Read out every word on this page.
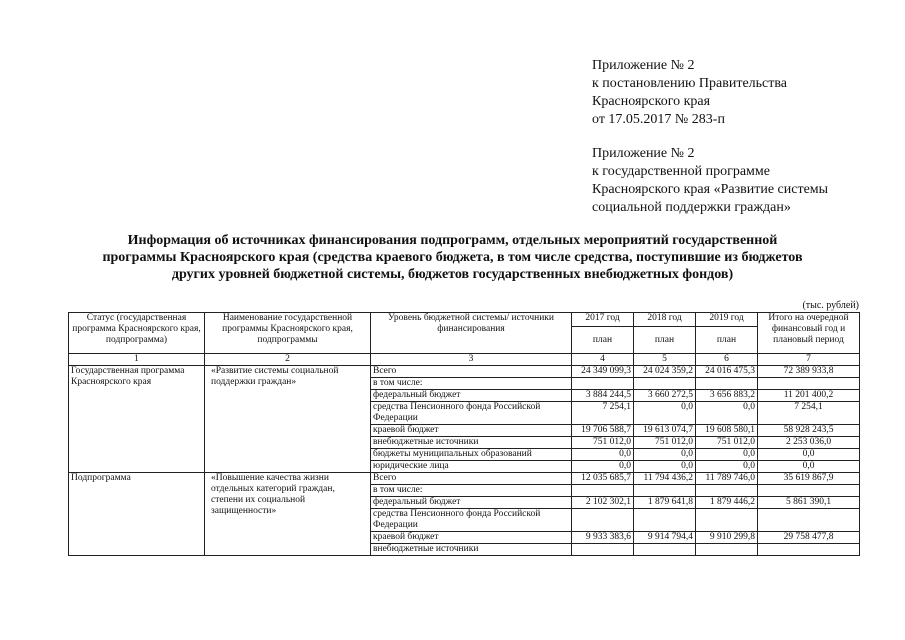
Приложение № 2
к постановлению Правительства
Красноярского края
от 17.05.2017 № 283-п
Приложение № 2
к государственной программе
Красноярского края «Развитие системы
социальной поддержки граждан»
Информация об источниках финансирования подпрограмм, отдельных мероприятий государственной
программы Красноярского края (средства краевого бюджета, в том числе средства, поступившие из бюджетов
других уровней бюджетной системы, бюджетов государственных внебюджетных фондов)
(тыс. рублей)
Статус (государственная программа Красноярского края, подпрограмма)	Наименование государственной программы Красноярского края, подпрограммы	Уровень бюджетной системы/ источники финансирования	2017 год	2018 год	2019 год	Итого на очередной финансовый год и плановый период
			план	план	план	
1	2	3	4	5	6	7
Государственная программа Красноярского края	«Развитие системы социальной поддержки граждан»	Всего	24 349 099,3	24 024 359,2	24 016 475,3	72 389 933,8
		в том числе:				
		федеральный бюджет	3 884 244,5	3 660 272,5	3 656 883,2	11 201 400,2
		средства Пенсионного фонда Российской Федерации	7 254,1	0,0	0,0	7 254,1
		краевой бюджет	19 706 588,7	19 613 074,7	19 608 580,1	58 928 243,5
		внебюджетные источники	751 012,0	751 012,0	751 012,0	2 253 036,0
		бюджеты муниципальных образований	0,0	0,0	0,0	0,0
		юридические лица	0,0	0,0	0,0	0,0
Подпрограмма	«Повышение качества жизни отдельных категорий граждан, степени их социальной защищенности»	Всего	12 035 685,7	11 794 436,2	11 789 746,0	35 619 867,9
		в том числе:				
		федеральный бюджет	2 102 302,1	1 879 641,8	1 879 446,2	5 861 390,1
		средства Пенсионного фонда Российской Федерации				
		краевой бюджет	9 933 383,6	9 914 794,4	9 910 299,8	29 758 477,8
		внебюджетные источники				
